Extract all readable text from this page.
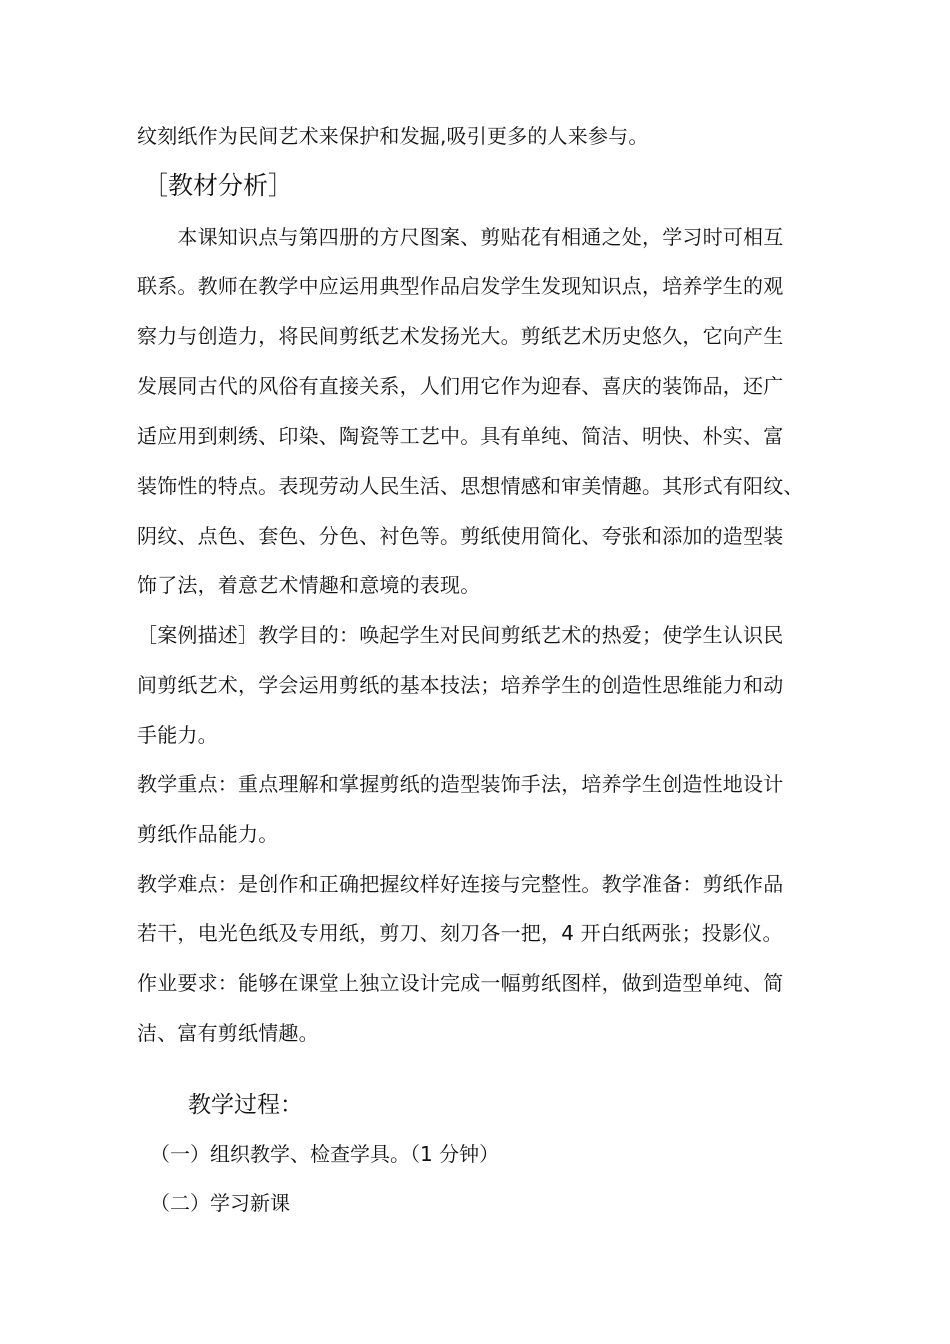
纹刻纸作为民间艺术来保护和发掘,吸引更多的人来参与。
［教材分析］
　　本课知识点与第四册的方尺图案、剪贴花有相通之处，学习时可相互
联系。教师在教学中应运用典型作品启发学生发现知识点，培养学生的观
察力与创造力，将民间剪纸艺术发扬光大。剪纸艺术历史悠久，它向产生
发展同古代的风俗有直接关系，人们用它作为迎春、喜庆的装饰品，还广
适应用到刺绣、印染、陶瓷等工艺中。具有单纯、简洁、明快、朴实、富
装饰性的特点。表现劳动人民生活、思想情感和审美情趣。其形式有阳纹、
阴纹、点色、套色、分色、衬色等。剪纸使用简化、夸张和添加的造型装
饰了法，着意艺术情趣和意境的表现。
［案例描述］教学目的：唤起学生对民间剪纸艺术的热爱；使学生认识民
间剪纸艺术，学会运用剪纸的基本技法；培养学生的创造性思维能力和动
手能力。
教学重点：重点理解和掌握剪纸的造型装饰手法，培养学生创造性地设计
剪纸作品能力。
教学难点：是创作和正确把握纹样好连接与完整性。教学准备：剪纸作品
若干，电光色纸及专用纸，剪刀、刻刀各一把，4 开白纸两张；投影仪。
作业要求：能够在课堂上独立设计完成一幅剪纸图样，做到造型单纯、简
洁、富有剪纸情趣。
教学过程：
（一）组织教学、检查学具。（1 分钟）
（二）学习新课
